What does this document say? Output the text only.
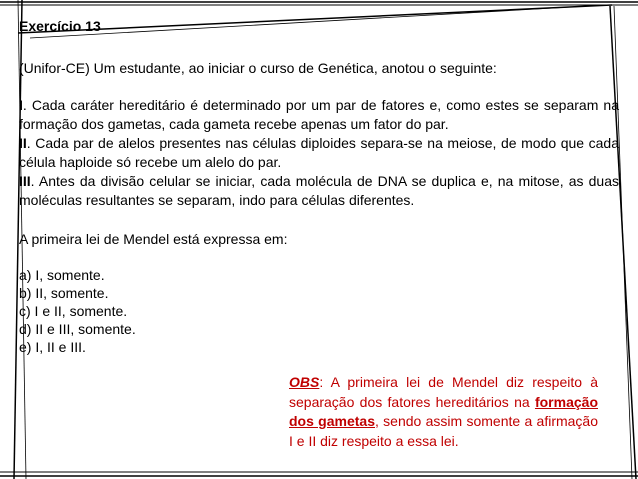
Exercício 13

(Unifor-CE) Um estudante, ao iniciar o curso de Genética, anotou o seguinte:

I. Cada caráter hereditário é determinado por um par de fatores e, como estes se separam na formação dos gametas, cada gameta recebe apenas um fator do par.

II. Cada par de alelos presentes nas células diploides separa-se na meiose, de modo que cada célula haploide só recebe um alelo do par.

III. Antes da divisão celular se iniciar, cada molécula de DNA se duplica e, na mitose, as duas moléculas resultantes se separam, indo para células diferentes.

A primeira lei de Mendel está expressa em:

a) I, somente.

b) II, somente.

c) I e II, somente.

d) II e III, somente.

e) I, II e III.

OBS: A primeira lei de Mendel diz respeito à separação dos fatores hereditários na formação dos gametas, sendo assim somente a afirmação I e II diz respeito a essa lei.
